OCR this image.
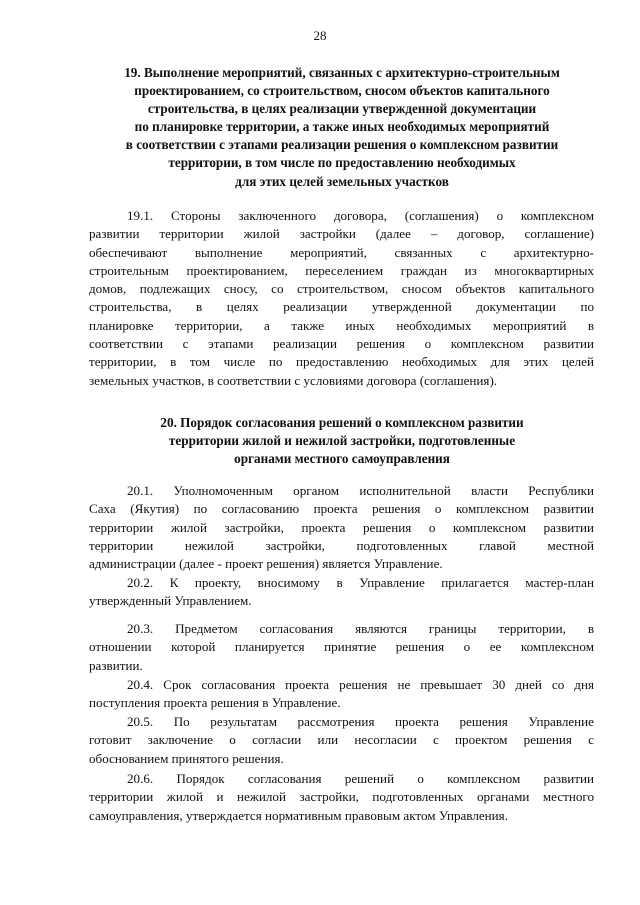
28
19. Выполнение мероприятий, связанных с архитектурно-строительным
проектированием, со строительством, сносом объектов капитального
строительства, в целях реализации утвержденной документации
по планировке территории, а также иных необходимых мероприятий
в соответствии с этапами реализации решения о комплексном развитии
территории, в том числе по предоставлению необходимых
для этих целей земельных участков
19.1. Стороны заключенного договора, (соглашения) о комплексном
развитии территории жилой застройки (далее – договор, соглашение)
обеспечивают выполнение мероприятий, связанных с архитектурно-
строительным проектированием, переселением граждан из многоквартирных
домов, подлежащих сносу, со строительством, сносом объектов капитального
строительства, в целях реализации утвержденной документации по
планировке территории, а также иных необходимых мероприятий в
соответствии с этапами реализации решения о комплексном развитии
территории, в том числе по предоставлению необходимых для этих целей
земельных участков, в соответствии с условиями договора (соглашения).
20. Порядок согласования решений о комплексном развитии
территории жилой и нежилой застройки, подготовленные
органами местного самоуправления
20.1. Уполномоченным органом исполнительной власти Республики
Саха (Якутия) по согласованию проекта решения о комплексном развитии
территории жилой застройки, проекта решения о комплексном развитии
территории нежилой застройки, подготовленных главой местной
администрации (далее - проект решения) является Управление.
20.2. К проекту, вносимому в Управление прилагается мастер-план
утвержденный Управлением.
20.3. Предметом согласования являются границы территории, в
отношении которой планируется принятие решения о ее комплексном
развитии.
20.4. Срок согласования проекта решения не превышает 30 дней со дня
поступления проекта решения в Управление.
20.5. По результатам рассмотрения проекта решения Управление
готовит заключение о согласии или несогласии с проектом решения с
обоснованием принятого решения.
20.6. Порядок согласования решений о комплексном развитии
территории жилой и нежилой застройки, подготовленных органами местного
самоуправления, утверждается нормативным правовым актом Управления.
